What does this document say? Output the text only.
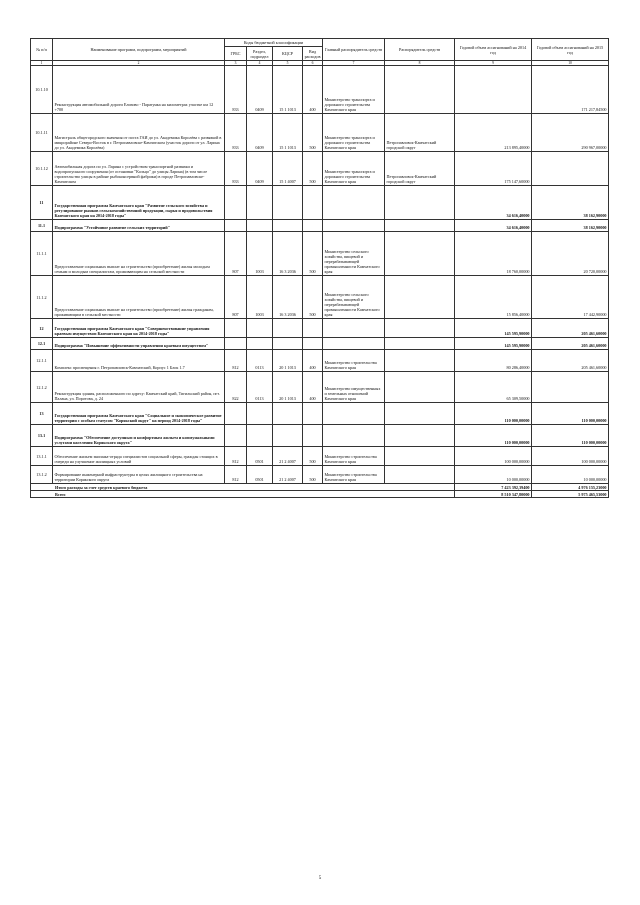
№ п/п	Наименование программ, подпрограмм, мероприятий	Коды бюджетной классификации				Главный распорядитель средств	Распорядитель средств	Годовой объем ассигнований на 2014 год	Годовой объем ассигнований на 2015 год
		ГРБС	Раздел, подраздел	КЦСР	Вид расходов				
1	2	3	4	5	6	7	8	9	10
10.1.10	Реконструкция автомобильной дороги Елизово - Паратунка на километрах участке км 12 +700	833	0409	15 1 1013	400	Министерство транспорта и дорожного строительства Камчатского края			171 217,84500
10.1.11	Магистраль общегородского значения от поста ГАИ до ул. Академика Королёва с развязкой в микрорайоне Северо-Восток в г. Петропавловске-Камчатском (участок дороги от ул. Ларина до ул. Академика Королёва)	833	0409	15 1 1013	500	Министерство транспорта и дорожного строительства Камчатского края	Петропавловск-Камчатский городской округ	213 895,40000	290 967,00000
10.1.12	Автомобильная дорога по ул. Ларина с устройством транспортной развязки и водопропускного сооружения (от остановки "Кольцо" до улицы Ларина) (в том числе строительство улицы в районе рыбоконсервной фабрики) в городе Петропавловске-Камчатском	833	0409	15 1 4007	500	Министерство транспорта и дорожного строительства Камчатского края	Петропавловск-Камчатский городской округ	175 147,60000	
11	Государственная программа Камчатского края "Развитие сельского хозяйства и регулирование рынков сельскохозяйственной продукции, сырья и продовольствия Камчатского края на 2014-2018 годы"							34 616,40000	38 162,90000
11.1	Подпрограмма "Устойчивое развитие сельских территорий"							34 616,40000	38 162,90000
11.1.1	Предоставление социальных выплат на строительство (приобретение) жилья молодым семьям и молодым специалистам, проживающим на сельской местности	807	1003	16 3 2036	500	Министерство сельского хозяйства, пищевой и перерабатывающей промышленности Камчатского края		18 760,00000	20 720,00000
11.1.2	Предоставление социальных выплат на строительство (приобретение) жилья гражданам, проживающим в сельской местности	807	1003	16 3 2036	500	Министерство сельского хозяйства, пищевой и перерабатывающей промышленности Камчатского края		15 856,40000	17 442,90000
12	Государственная программа Камчатского края "Совершенствование управления краевым имуществом Камчатского края на 2014-2018 годы"							145 595,90000	205 461,60000
12.1	Подпрограмма "Повышение эффективности управления краевым имуществом"							145 595,90000	205 461,60000
12.1.1	Комплекс просвещения г. Петропавловск-Камчатский, Корпус 1 Блок 1.7	812	0113	20 1 1013	400	Министерство строительства Камчатского края		80 286,40000	205 461,60000
12.1.2	Реконструкция здания, расположенного по адресу: Камчатский край, Тигильский район, пгт. Палана, ул. Поротова, д. 24	822	0113	20 1 1013	400	Министерство имущественных и земельных отношений Камчатского края		65 309,50000	
13	Государственная программа Камчатского края "Социальное и экономическое развитие территории с особым статусом "Корякский округ" на период 2014-2018 годы"							110 000,00000	110 000,00000
13.1	Подпрограмма "Обеспечение доступным и комфортным жильем и коммунальными услугами населения Корякского округа"							110 000,00000	110 000,00000
13.1.1	Обеспечение жильем экипажа-отряда специалистов социальной сферы, граждан стоящих в очереди на улучшение жилищных условий	812	0501	21 2 4007	500	Министерство строительства Камчатского края		100 000,00000	100 000,00000
13.1.2	Формирование инженерной инфраструктуры в целях жилищного строительства на территории Корякского округа	812	0501	21 2 4007	500	Министерство строительства Камчатского края		10 000,00000	10 000,00000
Итого расходы за счет средств краевого бюджета								7 423 392,39400	4 976 155,23000
Всего								8 510 347,80000	5 975 465,53000
5
